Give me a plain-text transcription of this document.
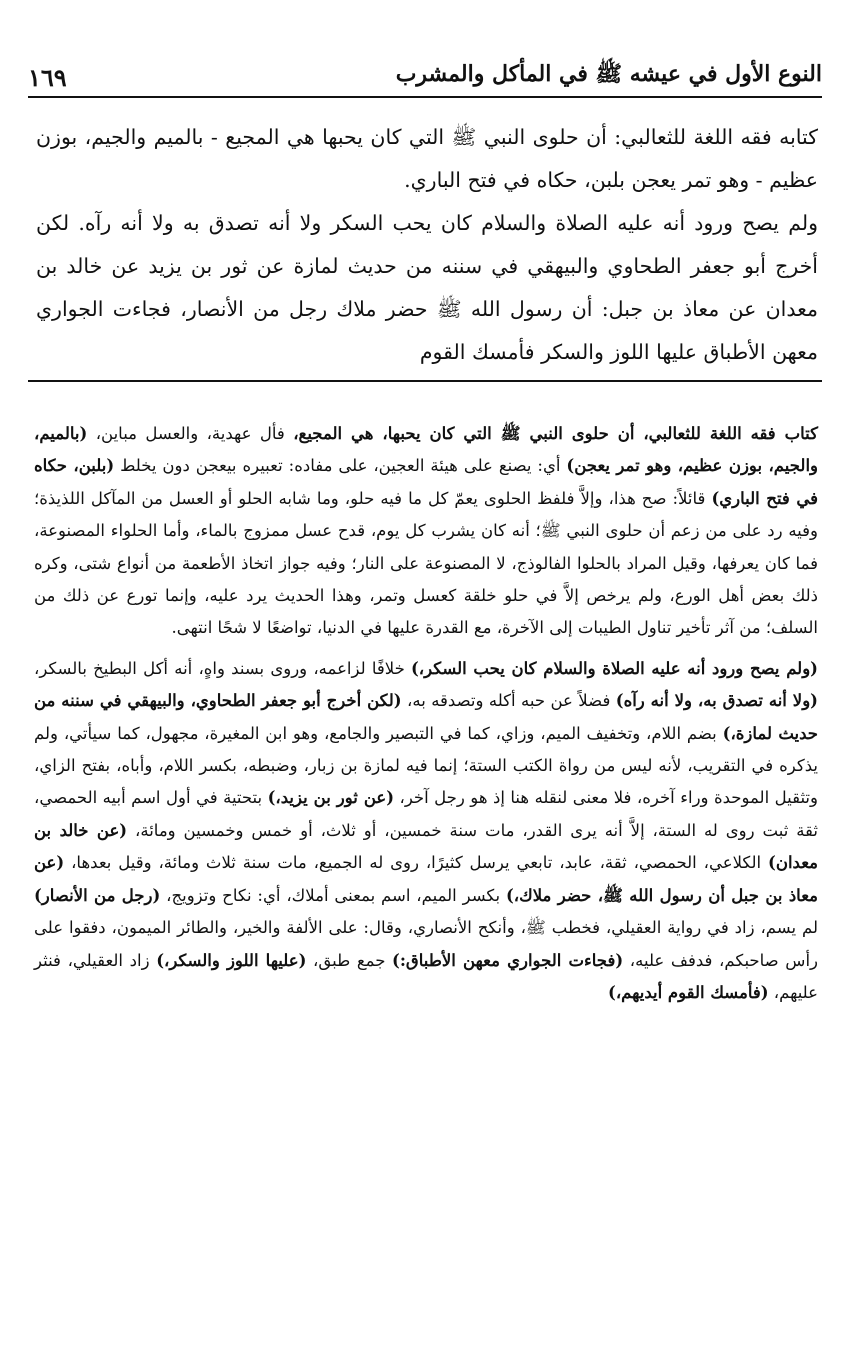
النوع الأول في عيشه ﷺ في المأكل والمشرب
١٦٩

كتابه فقه اللغة للثعالبي: أن حلوى النبي ﷺ التي كان يحبها هي المجيع - بالميم والجيم، بوزن عظيم - وهو تمر يعجن بلبن، حكاه في فتح الباري.

ولم يصح ورود أنه عليه الصلاة والسلام كان يحب السكر ولا أنه تصدق به ولا أنه رآه. لكن أخرج أبو جعفر الطحاوي والبيهقي في سننه من حديث لمازة عن ثور بن يزيد عن خالد بن معدان عن معاذ بن جبل: أن رسول الله ﷺ حضر ملاك رجل من الأنصار، فجاءت الجواري معهن الأطباق عليها اللوز والسكر فأمسك القوم

كتاب فقه اللغة للثعالبي، أن حلوى النبي ﷺ التي كان يحبها، هي المجيع، فأل عهدية، والعسل مباين، (بالميم، والجيم، بوزن عظيم، وهو تمر يعجن) أي: يصنع على هيئة العجين، على مفاده: تعبيره بيعجن دون يخلط (بلبن، حكاه في فتح الباري) قائلاً: صح هذا، وإلاَّ فلفظ الحلوى يعمّ كل ما فيه حلو، وما شابه الحلو أو العسل من المآكل اللذيذة؛ وفيه رد على من زعم أن حلوى النبي ﷺ؛ أنه كان يشرب كل يوم، قدح عسل ممزوج بالماء، وأما الحلواء المصنوعة، فما كان يعرفها، وقيل المراد بالحلوا الفالوذج، لا المصنوعة على النار؛ وفيه جواز اتخاذ الأطعمة من أنواع شتى، وكره ذلك بعض أهل الورع، ولم يرخص إلاَّ في حلو خلقة كعسل وتمر، وهذا الحديث يرد عليه، وإنما تورع عن ذلك من السلف؛ من آثر تأخير تناول الطيبات إلى الآخرة، مع القدرة عليها في الدنيا، تواضعًا لا شحًا انتهى.

(ولم يصح ورود أنه عليه الصلاة والسلام كان يحب السكر،) خلافًا لزاعمه، وروى بسند واهٍ، أنه أكل البطيخ بالسكر، (ولا أنه تصدق به، ولا أنه رآه) فضلاً عن حبه أكله وتصدقه به، (لكن أخرج أبو جعفر الطحاوي، والبيهقي في سننه من حديث لمازة،) بضم اللام، وتخفيف الميم، وزاي، كما في التبصير والجامع، وهو ابن المغيرة، مجهول، كما سيأتي، ولم يذكره في التقريب، لأنه ليس من رواة الكتب الستة؛ إنما فيه لمازة بن زبار، وضبطه، بكسر اللام، وأباه، بفتح الزاي، وتثقيل الموحدة وراء آخره، فلا معنى لنقله هنا إذ هو رجل آخر، (عن ثور بن يزيد،) بتحتية في أول اسم أبيه الحمصي، ثقة ثبت روى له الستة، إلاَّ أنه يرى القدر، مات سنة خمسين، أو ثلاث، أو خمس وخمسين ومائة، (عن خالد بن معدان) الكلاعي، الحمصي، ثقة، عابد، تابعي يرسل كثيرًا، روى له الجميع، مات سنة ثلاث ومائة، وقيل بعدها، (عن معاذ بن جبل أن رسول الله ﷺ، حضر ملاك،) بكسر الميم، اسم بمعنى أملاك، أي: نكاح وتزويج، (رجل من الأنصار) لم يسم، زاد في رواية العقيلي، فخطب ﷺ، وأنكح الأنصاري، وقال: على الألفة والخير، والطائر الميمون، دفقوا على رأس صاحبكم، فدفف عليه، (فجاءت الجواري معهن الأطباق:) جمع طبق، (عليها اللوز والسكر،) زاد العقيلي، فنثر عليهم، (فأمسك القوم أيديهم،)
